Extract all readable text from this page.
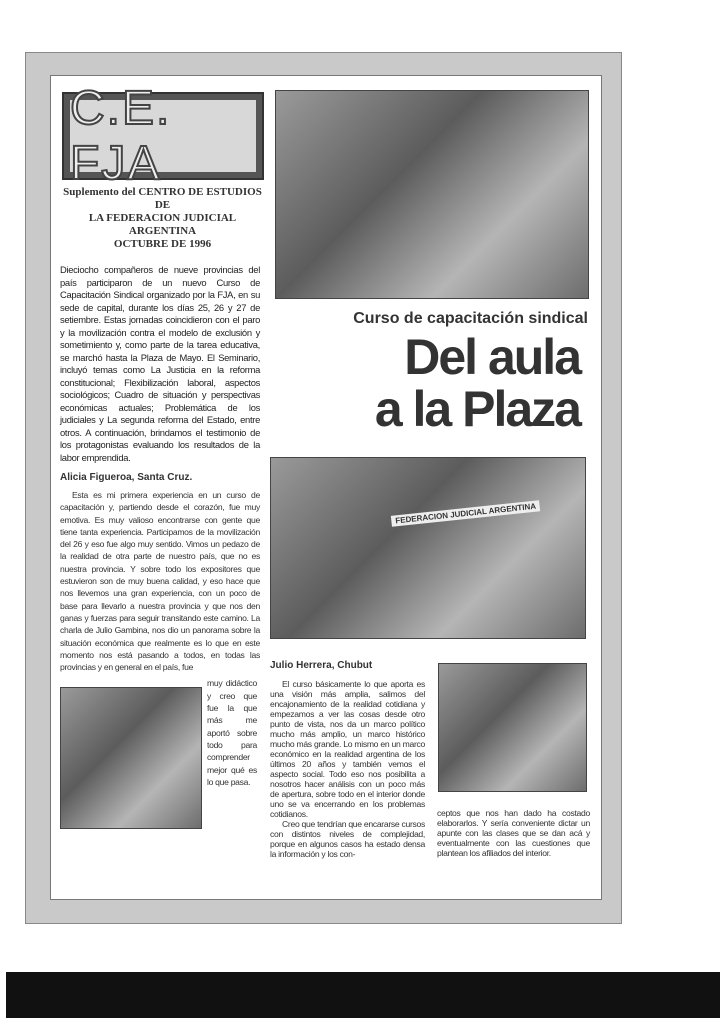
C.E. FJA
Suplemento del CENTRO DE ESTUDIOS DE
LA FEDERACION JUDICIAL ARGENTINA
OCTUBRE DE 1996
Curso de capacitación sindical
Del aula
a la Plaza
FEDERACION JUDICIAL ARGENTINA
Dieciocho compañeros de nueve provincias del país participaron de un nuevo Curso de Capacitación Sindical organizado por la FJA, en su sede de capital, durante los días 25, 26 y 27 de setiembre. Estas jornadas coincidieron con el paro y la movilización contra el modelo de exclusión y sometimiento y, como parte de la tarea educativa, se marchó hasta la Plaza de Mayo. El Seminario, incluyó temas como La Justicia en la reforma constitucional; Flexibilización laboral, aspectos sociológicos; Cuadro de situación y perspectivas económicas actuales; Problemática de los judiciales y La segunda reforma del Estado, entre otros. A continuación, brindamos el testimonio de los protagonistas evaluando los resultados de la labor emprendida.
Alicia Figueroa, Santa Cruz.

Esta es mi primera experiencia en un curso de capacitación y, partiendo desde el corazón, fue muy emotiva. Es muy valioso encontrarse con gente que tiene tanta experiencia. Participamos de la movilización del 26 y eso fue algo muy sentido. Vimos un pedazo de la realidad de otra parte de nuestro país, que no es nuestra provincia. Y sobre todo los expositores que estuvieron son de muy buena calidad, y eso hace que nos llevemos una gran experiencia, con un poco de base para llevarlo a nuestra provincia y que nos den ganas y fuerzas para seguir transitando este camino. La charla de Julio Gambina, nos dio un panorama sobre la situación económica que realmente es lo que en este momento nos está pasando a todos, en todas las provincias y en general en el país, fue

muy didáctico y creo que fue la que más me aportó sobre todo para comprender mejor qué es lo que pasa.
Julio Herrera, Chubut

El curso básicamente lo que aporta es una visión más amplia, salimos del encajonamiento de la realidad cotidiana y empezamos a ver las cosas desde otro punto de vista, nos da un marco político mucho más amplio, un marco histórico mucho más grande. Lo mismo en un marco económico en la realidad argentina de los últimos 20 años y también vemos el aspecto social. Todo eso nos posibilita a nosotros hacer análisis con un poco más de apertura, sobre todo en el interior donde uno se va encerrando en los problemas cotidianos.

Creo que tendrían que encararse cursos con distintos niveles de complejidad, porque en algunos casos ha estado densa la información y los con-

ceptos que nos han dado ha costado elaborarlos. Y sería conveniente dictar un apunte con las clases que se dan acá y eventualmente con las cuestiones que plantean los afiliados del interior.
